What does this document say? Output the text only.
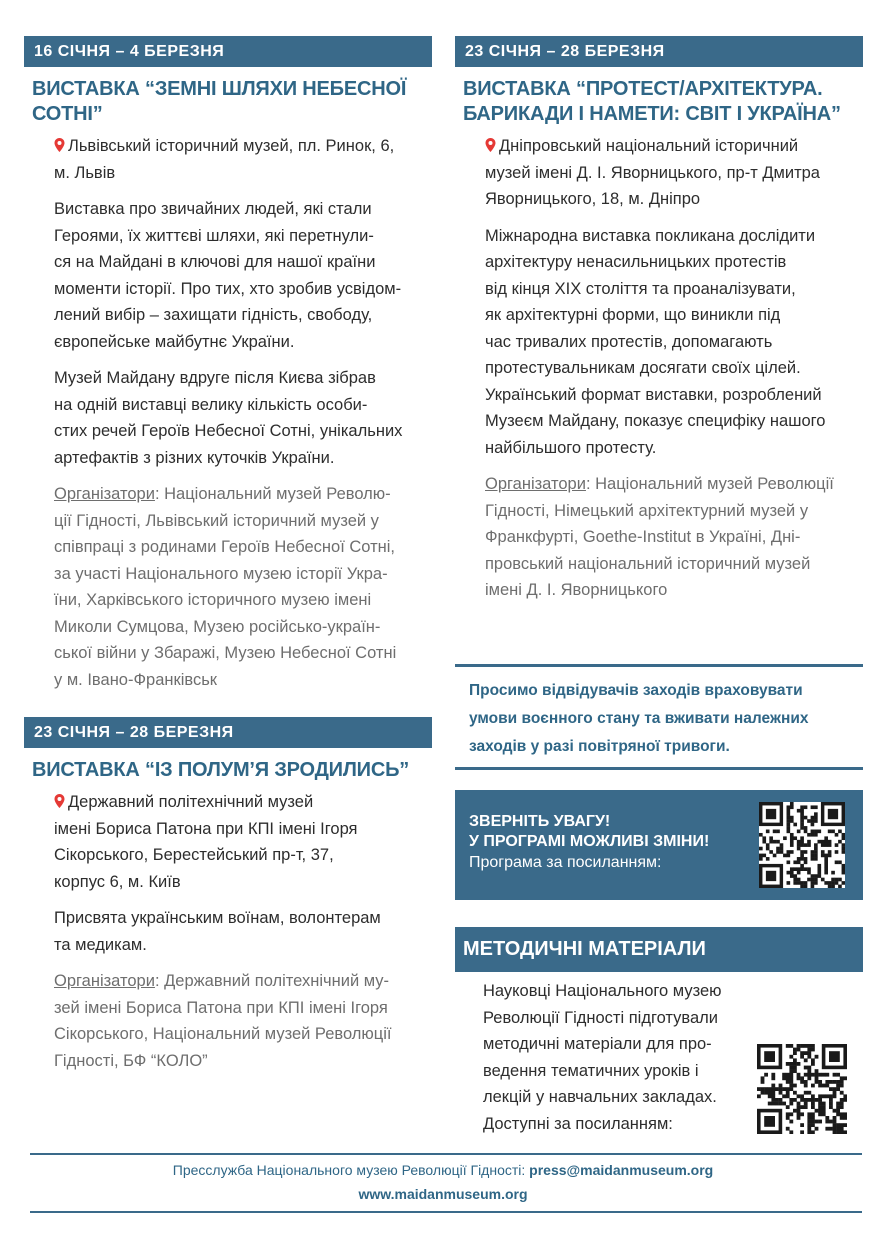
16 СІЧНЯ – 4 БЕРЕЗНЯ
ВИСТАВКА “ЗЕМНІ ШЛЯХИ НЕБЕСНОЇ СОТНІ”
Львівський історичний музей, пл. Ринок, 6,
м. Львів
Виставка про звичайних людей, які стали
Героями, їх життєві шляхи, які перетнули-
ся на Майдані в ключові для нашої країни
моменти історії. Про тих, хто зробив усвідом-
лений вибір – захищати гідність, свободу,
європейське майбутнє України.
Музей Майдану вдруге після Києва зібрав
на одній виставці велику кількість особи-
стих речей Героїв Небесної Сотні, унікальних
артефактів з різних куточків України.
Організатори: Національний музей Револю-
ції Гідності, Львівський історичний музей у
співпраці з родинами Героїв Небесної Сотні,
за участі Національного музею історії Укра-
їни, Харківського історичного музею імені
Миколи Сумцова, Музею російсько-україн-
ської війни у Збаражі, Музею Небесної Сотні
у м. Івано-Франківськ
23 СІЧНЯ – 28 БЕРЕЗНЯ
ВИСТАВКА “ІЗ ПОЛУМ’Я ЗРОДИЛИСЬ”
Державний політехнічний музей
імені Бориса Патона при КПІ імені Ігоря
Сікорського, Берестейський пр-т, 37,
корпус 6, м. Київ
Присвята українським воїнам, волонтерам
та медикам.
Організатори: Державний політехнічний му-
зей імені Бориса Патона при КПІ імені Ігоря
Сікорського, Національний музей Революції
Гідності, БФ “КОЛО”
23 СІЧНЯ – 28 БЕРЕЗНЯ
ВИСТАВКА “ПРОТЕСТ/АРХІТЕКТУРА.
БАРИКАДИ І НАМЕТИ: СВІТ І УКРАЇНА”
Дніпровський національний історичний
музей імені Д. І. Яворницького, пр-т Дмитра
Яворницького, 18, м. Дніпро
Міжнародна виставка покликана дослідити
архітектуру ненасильницьких протестів
від кінця ХІХ століття та проаналізувати,
як архітектурні форми, що виникли під
час тривалих протестів, допомагають
протестувальникам досягати своїх цілей.
Український формат виставки, розроблений
Музеєм Майдану, показує специфіку нашого
найбільшого протесту.
Організатори: Національний музей Революції
Гідності, Німецький архітектурний музей у
Франкфурті, Goethe-Institut в Україні, Дні-
провський національний історичний музей
імені Д. І. Яворницького
Просимо відвідувачів заходів враховувати
умови воєнного стану та вживати належних
заходів у разі повітряної тривоги.
ЗВЕРНІТЬ УВАГУ!
У ПРОГРАМІ МОЖЛИВІ ЗМІНИ!
Програма за посиланням:
МЕТОДИЧНІ МАТЕРІАЛИ
Науковці Національного музею
Революції Гідності підготували
методичні матеріали для про-
ведення тематичних уроків і
лекцій у навчальних закладах.
Доступні за посиланням:
Пресслужба Національного музею Революції Гідності: press@maidanmuseum.org
www.maidanmuseum.org
